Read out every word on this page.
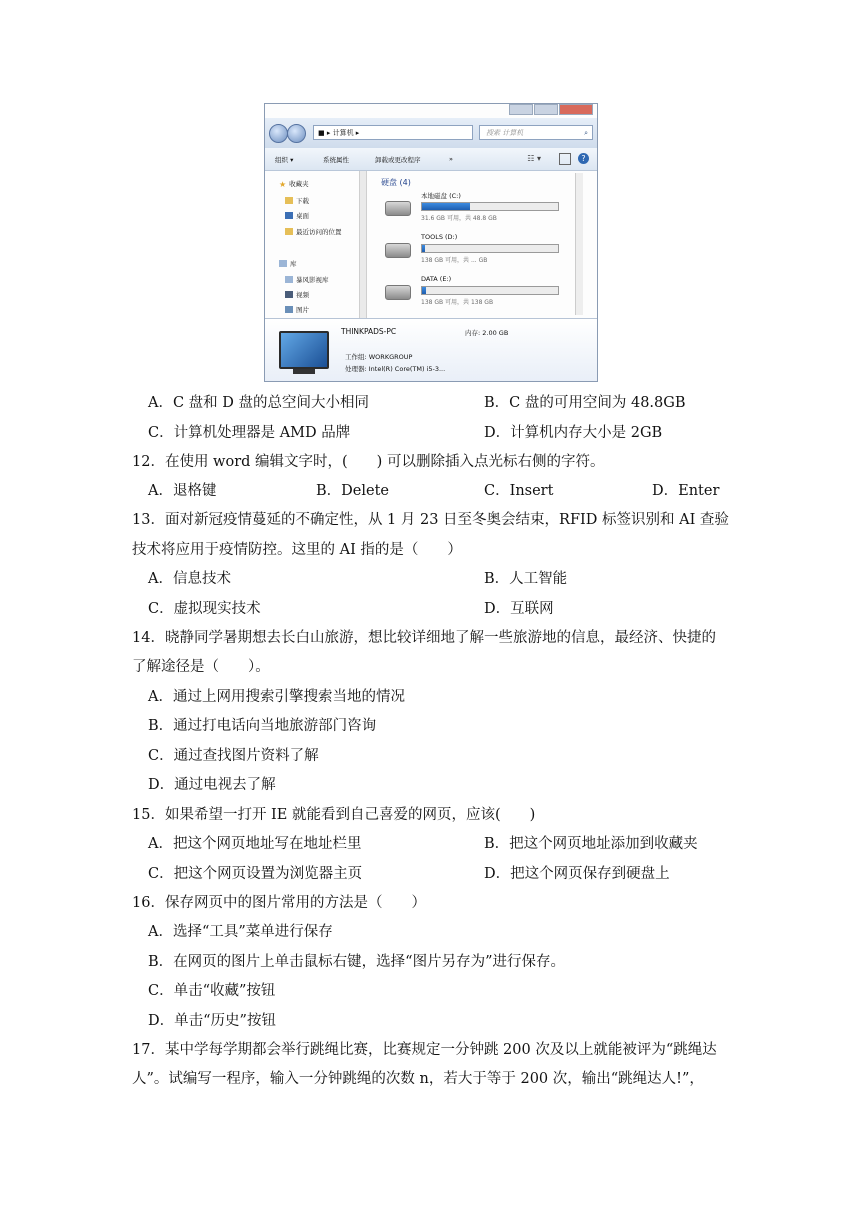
■ ▸ 计算机 ▸	搜索 计算机	⌕
组织 ▾	系统属性	卸载或更改程序	»	☷ ▾	?
★ 收藏夹
下载
桌面
最近访问的位置
库
暴风影视库
视频
图片
硬盘 (4)
本地磁盘 (C:)
31.6 GB 可用，共 48.8 GB
TOOLS (D:)
138 GB 可用，共 ... GB
DATA (E:)
138 GB 可用，共 138 GB
THINKPADS-PC	内存: 2.00 GB
工作组: WORKGROUP
处理器: Intel(R) Core(TM) i5-3...
A．C 盘和 D 盘的总空间大小相同	B．C 盘的可用空间为 48.8GB
C．计算机处理器是 AMD 品牌	D．计算机内存大小是 2GB
12．在使用 word 编辑文字时，(　　) 可以删除插入点光标右侧的字符。
A．退格键	B．Delete	C．Insert	D．Enter
13．面对新冠疫情蔓延的不确定性，从 1 月 23 日至冬奥会结束，RFID 标签识别和 AI 查验
技术将应用于疫情防控。这里的 AI 指的是（　　）
A．信息技术	B．人工智能
C．虚拟现实技术	D．互联网
14．晓静同学暑期想去长白山旅游，想比较详细地了解一些旅游地的信息，最经济、快捷的
了解途径是（　　）。
A．通过上网用搜索引擎搜索当地的情况
B．通过打电话向当地旅游部门咨询
C．通过查找图片资料了解
D．通过电视去了解
15．如果希望一打开 IE 就能看到自己喜爱的网页，应该(　　)
A．把这个网页地址写在地址栏里	B．把这个网页地址添加到收藏夹
C．把这个网页设置为浏览器主页	D．把这个网页保存到硬盘上
16．保存网页中的图片常用的方法是（　　）
A．选择“工具”菜单进行保存
B．在网页的图片上单击鼠标右键，选择“图片另存为”进行保存。
C．单击“收藏”按钮
D．单击“历史”按钮
17．某中学每学期都会举行跳绳比赛，比赛规定一分钟跳 200 次及以上就能被评为“跳绳达
人”。试编写一程序，输入一分钟跳绳的次数 n，若大于等于 200 次，输出“跳绳达人!”，
